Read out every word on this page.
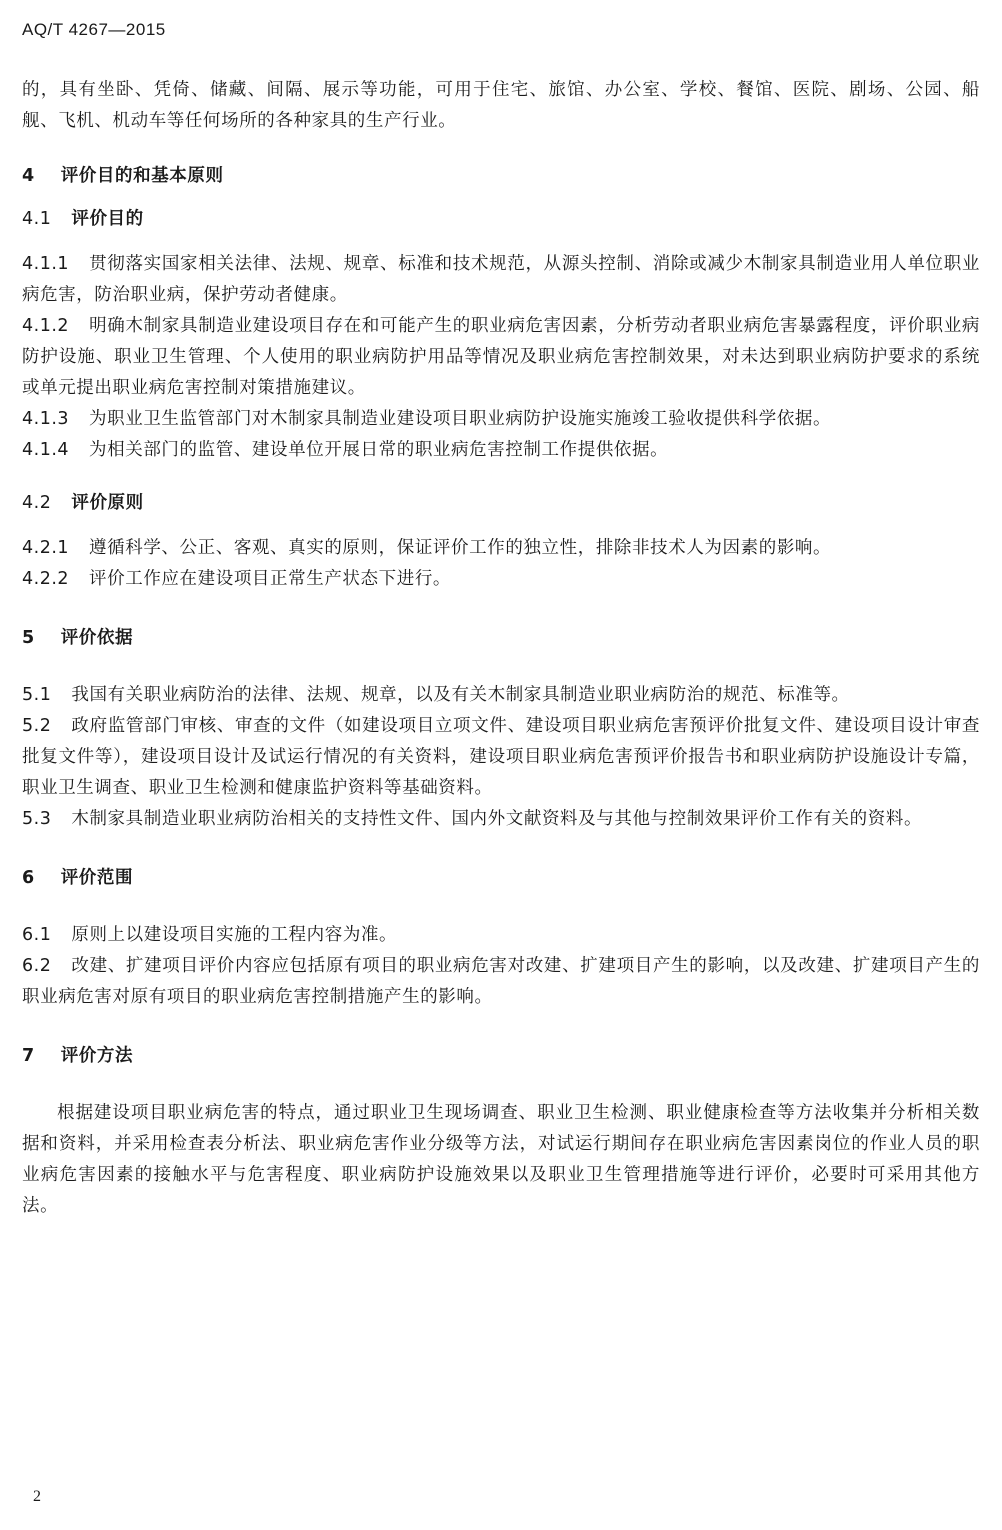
AQ/T 4267—2015

的，具有坐卧、凭倚、储藏、间隔、展示等功能，可用于住宅、旅馆、办公室、学校、餐馆、医院、剧场、公园、船舰、飞机、机动车等任何场所的各种家具的生产行业。

4 评价目的和基本原则

4.1 评价目的

4.1.1 贯彻落实国家相关法律、法规、规章、标准和技术规范，从源头控制、消除或减少木制家具制造业用人单位职业病危害，防治职业病，保护劳动者健康。

4.1.2 明确木制家具制造业建设项目存在和可能产生的职业病危害因素，分析劳动者职业病危害暴露程度，评价职业病防护设施、职业卫生管理、个人使用的职业病防护用品等情况及职业病危害控制效果，对未达到职业病防护要求的系统或单元提出职业病危害控制对策措施建议。

4.1.3 为职业卫生监管部门对木制家具制造业建设项目职业病防护设施实施竣工验收提供科学依据。

4.1.4 为相关部门的监管、建设单位开展日常的职业病危害控制工作提供依据。

4.2 评价原则

4.2.1 遵循科学、公正、客观、真实的原则，保证评价工作的独立性，排除非技术人为因素的影响。

4.2.2 评价工作应在建设项目正常生产状态下进行。

5 评价依据

5.1 我国有关职业病防治的法律、法规、规章，以及有关木制家具制造业职业病防治的规范、标准等。

5.2 政府监管部门审核、审查的文件（如建设项目立项文件、建设项目职业病危害预评价批复文件、建设项目设计审查批复文件等），建设项目设计及试运行情况的有关资料，建设项目职业病危害预评价报告书和职业病防护设施设计专篇，职业卫生调查、职业卫生检测和健康监护资料等基础资料。

5.3 木制家具制造业职业病防治相关的支持性文件、国内外文献资料及与其他与控制效果评价工作有关的资料。

6 评价范围

6.1 原则上以建设项目实施的工程内容为准。

6.2 改建、扩建项目评价内容应包括原有项目的职业病危害对改建、扩建项目产生的影响，以及改建、扩建项目产生的职业病危害对原有项目的职业病危害控制措施产生的影响。

7 评价方法

根据建设项目职业病危害的特点，通过职业卫生现场调查、职业卫生检测、职业健康检查等方法收集并分析相关数据和资料，并采用检查表分析法、职业病危害作业分级等方法，对试运行期间存在职业病危害因素岗位的作业人员的职业病危害因素的接触水平与危害程度、职业病防护设施效果以及职业卫生管理措施等进行评价，必要时可采用其他方法。

2
